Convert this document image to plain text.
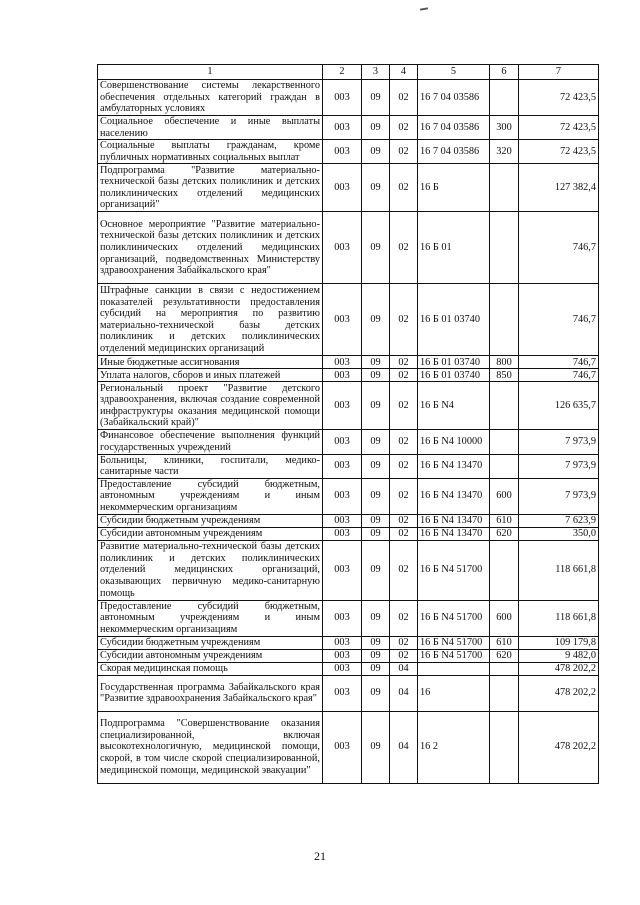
1	2	3	4	5	6	7
Совершенствование системы лекарственного обеспечения отдельных категорий граждан в амбулаторных условиях	003	09	02	16 7 04 03586		72 423,5
Социальное обеспечение и иные выплаты населению	003	09	02	16 7 04 03586	300	72 423,5
Социальные выплаты гражданам, кроме публичных нормативных социальных выплат	003	09	02	16 7 04 03586	320	72 423,5
Подпрограмма "Развитие материально-технической базы детских поликлиник и детских поликлинических отделений медицинских организаций"	003	09	02	16 Б		127 382,4
Основное мероприятие "Развитие материально-технической базы детских поликлиник и детских поликлинических отделений медицинских организаций, подведомственных Министерству здравоохранения Забайкальского края"	003	09	02	16 Б 01		746,7
Штрафные санкции в связи с недостижением показателей результативности предоставления субсидий на мероприятия по развитию материально-технической базы детских поликлиник и детских поликлинических отделений медицинских организаций	003	09	02	16 Б 01 03740		746,7
Иные бюджетные ассигнования	003	09	02	16 Б 01 03740	800	746,7
Уплата налогов, сборов и иных платежей	003	09	02	16 Б 01 03740	850	746,7
Региональный проект "Развитие детского здравоохранения, включая создание современной инфраструктуры оказания медицинской помощи (Забайкальский край)"	003	09	02	16 Б N4		126 635,7
Финансовое обеспечение выполнения функций государственных учреждений	003	09	02	16 Б N4 10000		7 973,9
Больницы, клиники, госпитали, медико-санитарные части	003	09	02	16 Б N4 13470		7 973,9
Предоставление субсидий бюджетным, автономным учреждениям и иным некоммерческим организациям	003	09	02	16 Б N4 13470	600	7 973,9
Субсидии бюджетным учреждениям	003	09	02	16 Б N4 13470	610	7 623,9
Субсидии автономным учреждениям	003	09	02	16 Б N4 13470	620	350,0
Развитие материально-технической базы детских поликлиник и детских поликлинических отделений медицинских организаций, оказывающих первичную медико-санитарную помощь	003	09	02	16 Б N4 51700		118 661,8
Предоставление субсидий бюджетным, автономным учреждениям и иным некоммерческим организациям	003	09	02	16 Б N4 51700	600	118 661,8
Субсидии бюджетным учреждениям	003	09	02	16 Б N4 51700	610	109 179,8
Субсидии автономным учреждениям	003	09	02	16 Б N4 51700	620	9 482,0
Скорая медицинская помощь	003	09	04			478 202,2
Государственная программа Забайкальского края "Развитие здравоохранения Забайкальского края"	003	09	04	16		478 202,2
Подпрограмма "Совершенствование оказания специализированной, включая высокотехнологичную, медицинской помощи, скорой, в том числе скорой специализированной, медицинской помощи, медицинской эвакуации"	003	09	04	16 2		478 202,2
21
